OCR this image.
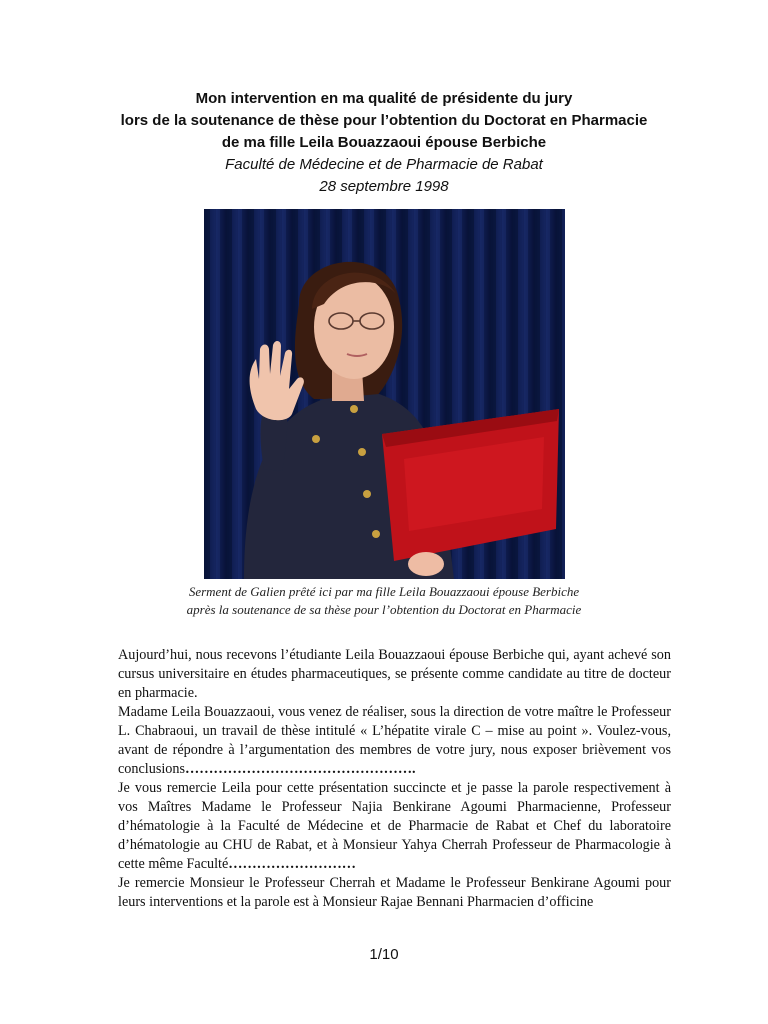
Mon intervention en ma qualité de présidente du jury
lors de la soutenance de thèse pour l’obtention du Doctorat en Pharmacie
de ma fille Leila Bouazzaoui épouse Berbiche
Faculté de Médecine et de Pharmacie de Rabat
28 septembre 1998
Serment de Galien prêté ici par ma fille Leila Bouazzaoui épouse Berbiche
après la soutenance de sa thèse pour l’obtention du Doctorat en Pharmacie

Aujourd’hui, nous recevons l’étudiante Leila Bouazzaoui épouse Berbiche qui, ayant achevé son cursus universitaire en études pharmaceutiques, se présente comme candidate au titre de docteur en pharmacie.

Madame Leila Bouazzaoui, vous venez de réaliser, sous la direction de votre maître le Professeur L. Chabraoui, un travail de thèse intitulé « L’hépatite virale C – mise au point ». Voulez-vous, avant de répondre à l’argumentation des membres de votre jury, nous exposer brièvement vos conclusions………………………………………….

Je vous remercie Leila pour cette présentation succincte et je passe la parole respectivement à vos Maîtres Madame le Professeur Najia Benkirane Agoumi Pharmacienne, Professeur d’hématologie à la Faculté de Médecine et de Pharmacie de Rabat et Chef du laboratoire d’hématologie au CHU de Rabat, et à Monsieur Yahya Cherrah Professeur de Pharmacologie à cette même Faculté………………………

Je remercie Monsieur le Professeur Cherrah et Madame le Professeur Benkirane Agoumi pour leurs interventions et la parole est à Monsieur Rajae Bennani Pharmacien d’officine

1/10
